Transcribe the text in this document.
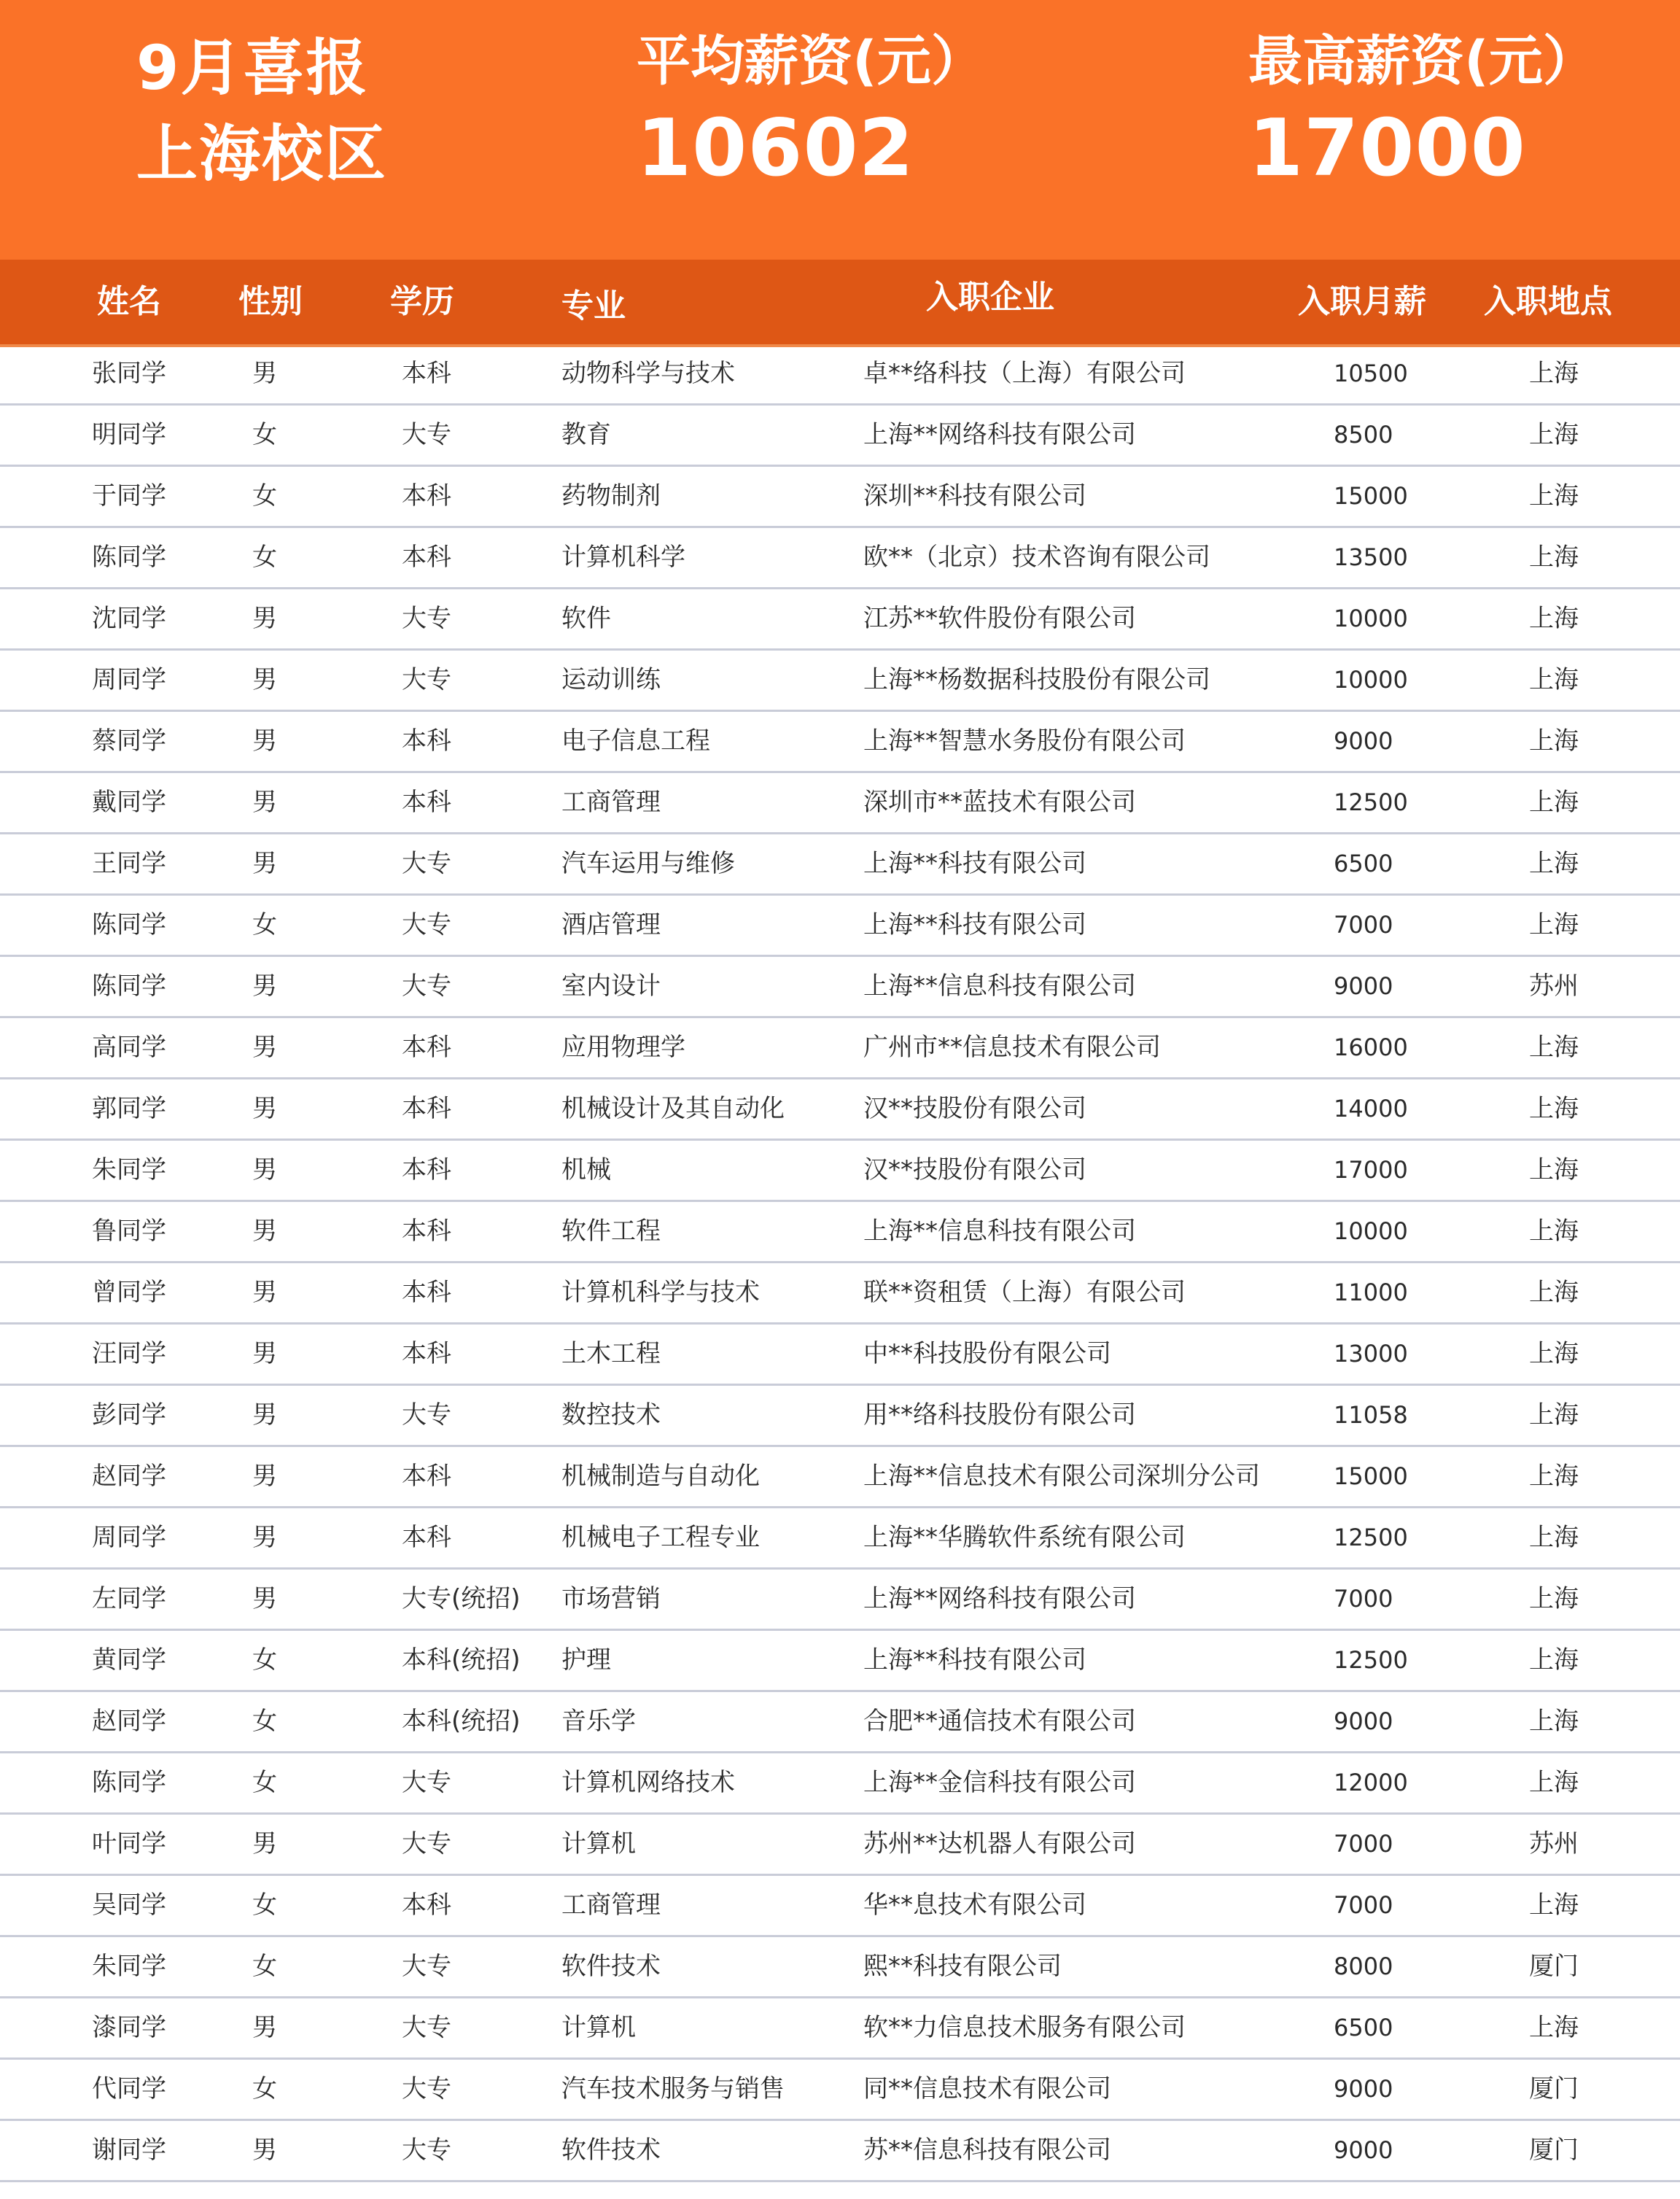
9月喜报
上海校区
平均薪资(元）
10602
最高薪资(元）
17000
姓名 性别	学历	专业	入职企业	入职月薪 入职地点
张同学	男	本科	动物科学与技术	卓**络科技（上海）有限公司	10500	上海
明同学	女	大专	教育	上海**网络科技有限公司	8500	上海
于同学	女	本科	药物制剂	深圳**科技有限公司	15000	上海
陈同学	女	本科	计算机科学	欧**（北京）技术咨询有限公司	13500	上海
沈同学	男	大专	软件	江苏**软件股份有限公司	10000	上海
周同学	男	大专	运动训练	上海**杨数据科技股份有限公司	10000	上海
蔡同学	男	本科	电子信息工程	上海**智慧水务股份有限公司	9000	上海
戴同学	男	本科	工商管理	深圳市**蓝技术有限公司	12500	上海
王同学	男	大专	汽车运用与维修	上海**科技有限公司	6500	上海
陈同学	女	大专	酒店管理	上海**科技有限公司	7000	上海
陈同学	男	大专	室内设计	上海**信息科技有限公司	9000	苏州
高同学	男	本科	应用物理学	广州市**信息技术有限公司	16000	上海
郭同学	男	本科	机械设计及其自动化	汉**技股份有限公司	14000	上海
朱同学	男	本科	机械	汉**技股份有限公司	17000	上海
鲁同学	男	本科	软件工程	上海**信息科技有限公司	10000	上海
曾同学	男	本科	计算机科学与技术	联**资租赁（上海）有限公司	11000	上海
汪同学	男	本科	土木工程	中**科技股份有限公司	13000	上海
彭同学	男	大专	数控技术	用**络科技股份有限公司	11058	上海
赵同学	男	本科	机械制造与自动化	上海**信息技术有限公司深圳分公司	15000	上海
周同学	男	本科	机械电子工程专业	上海**华腾软件系统有限公司	12500	上海
左同学	男	大专(统招) 市场营销	上海**网络科技有限公司	7000	上海
黄同学	女	本科(统招) 护理	上海**科技有限公司	12500	上海
赵同学	女	本科(统招) 音乐学	合肥**通信技术有限公司	9000	上海
陈同学	女	大专	计算机网络技术	上海**金信科技有限公司	12000	上海
叶同学	男	大专	计算机	苏州**达机器人有限公司	7000	苏州
吴同学	女	本科	工商管理	华**息技术有限公司	7000	上海
朱同学	女	大专	软件技术	熙**科技有限公司	8000	厦门
漆同学	男	大专	计算机	软**力信息技术服务有限公司	6500	上海
代同学	女	大专	汽车技术服务与销售	同**信息技术有限公司	9000	厦门
谢同学	男	大专	软件技术	苏**信息科技有限公司	9000	厦门
